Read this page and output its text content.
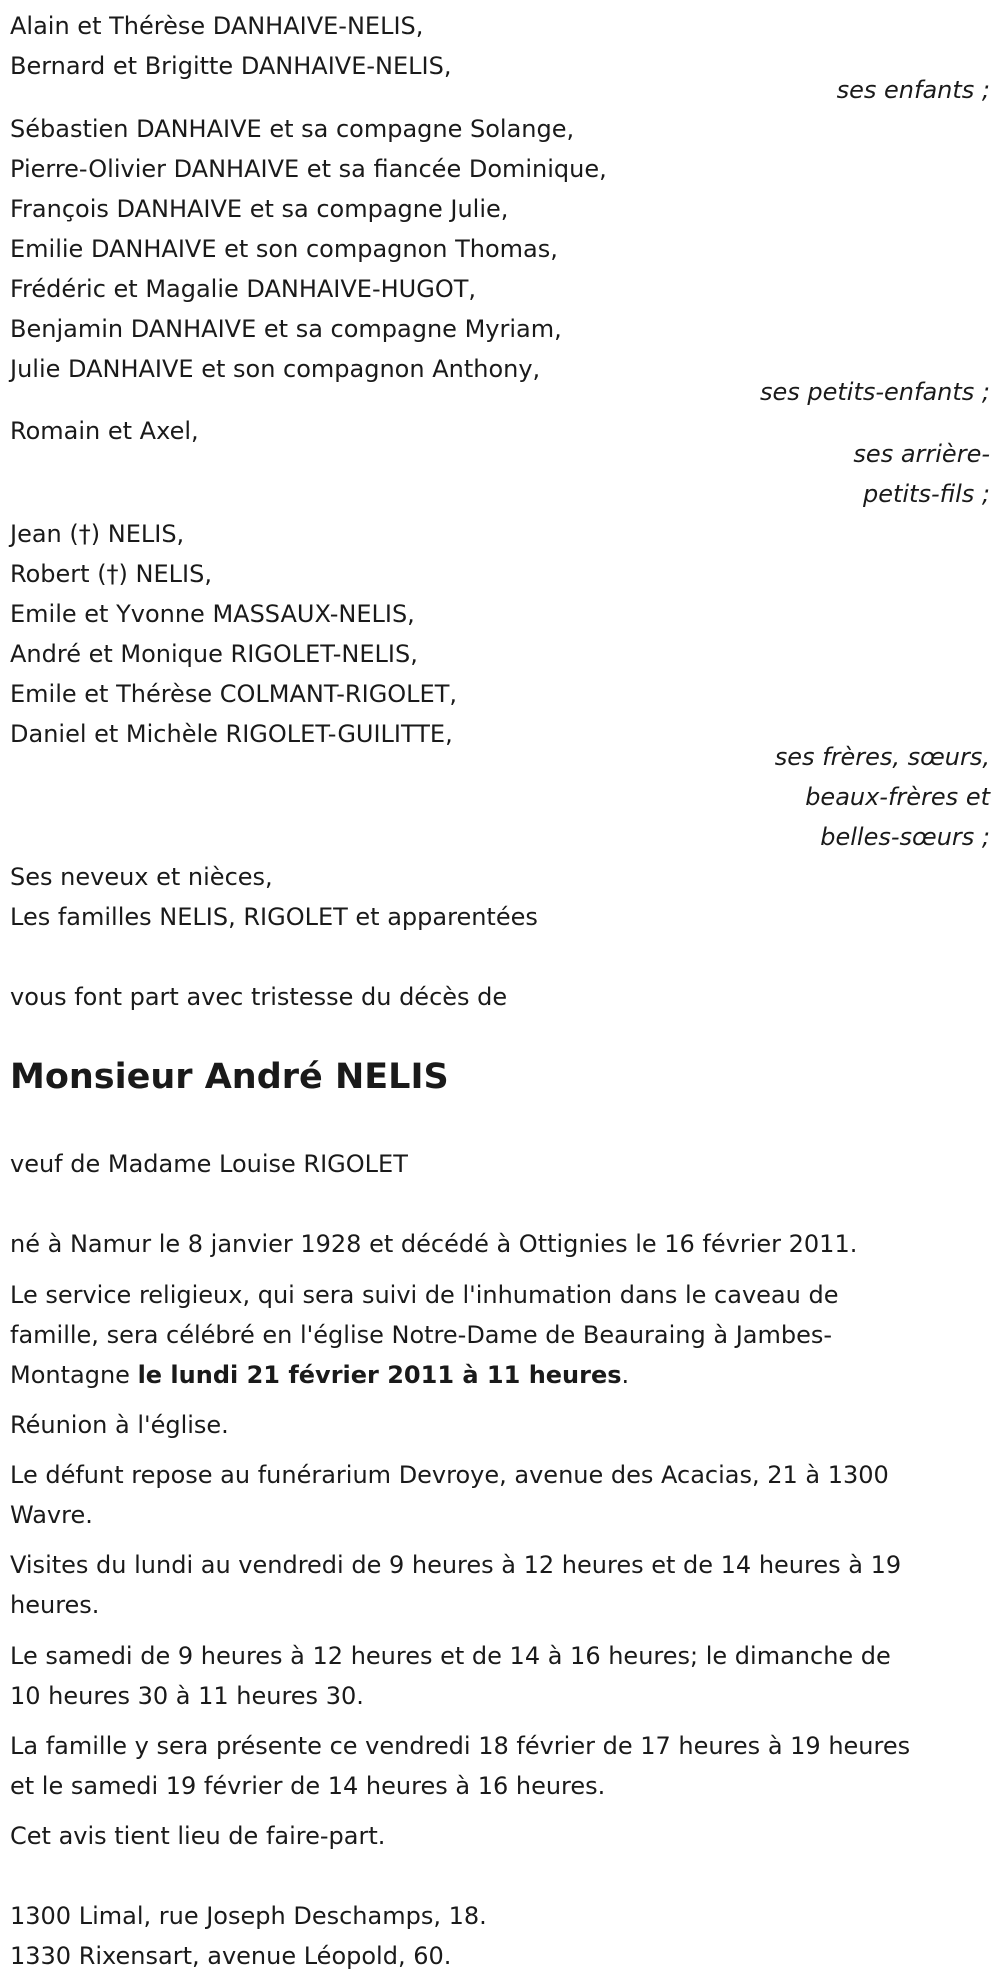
Alain et Thérèse DANHAIVE-NELIS,

Bernard et Brigitte DANHAIVE-NELIS,

ses enfants ;

Sébastien DANHAIVE et sa compagne Solange,

Pierre-Olivier DANHAIVE et sa fiancée Dominique,

François DANHAIVE et sa compagne Julie,

Emilie DANHAIVE et son compagnon Thomas,

Frédéric et Magalie DANHAIVE-HUGOT,

Benjamin DANHAIVE et sa compagne Myriam,

Julie DANHAIVE et son compagnon Anthony,

ses petits-enfants ;

Romain et Axel,

ses arrière-

petits-fils ;

Jean (†) NELIS,

Robert (†) NELIS,

Emile et Yvonne MASSAUX-NELIS,

André et Monique RIGOLET-NELIS,

Emile et Thérèse COLMANT-RIGOLET,

Daniel et Michèle RIGOLET-GUILITTE,

ses frères, sœurs,

beaux-frères et

belles-sœurs ;

Ses neveux et nièces,

Les familles NELIS, RIGOLET et apparentées

vous font part avec tristesse du décès de

Monsieur André NELIS

veuf de Madame Louise RIGOLET

né à Namur le 8 janvier 1928 et décédé à Ottignies le 16 février 2011.

Le service religieux, qui sera suivi de l'inhumation dans le caveau de

famille, sera célébré en l'église Notre-Dame de Beauraing à Jambes-

Montagne le lundi 21 février 2011 à 11 heures.

Réunion à l'église.

Le défunt repose au funérarium Devroye, avenue des Acacias, 21 à 1300

Wavre.

Visites du lundi au vendredi de 9 heures à 12 heures et de 14 heures à 19

heures.

Le samedi de 9 heures à 12 heures et de 14 à 16 heures; le dimanche de

10 heures 30 à 11 heures 30.

La famille y sera présente ce vendredi 18 février de 17 heures à 19 heures

et le samedi 19 février de 14 heures à 16 heures.

Cet avis tient lieu de faire-part.

1300 Limal, rue Joseph Deschamps, 18.

1330 Rixensart, avenue Léopold, 60.
